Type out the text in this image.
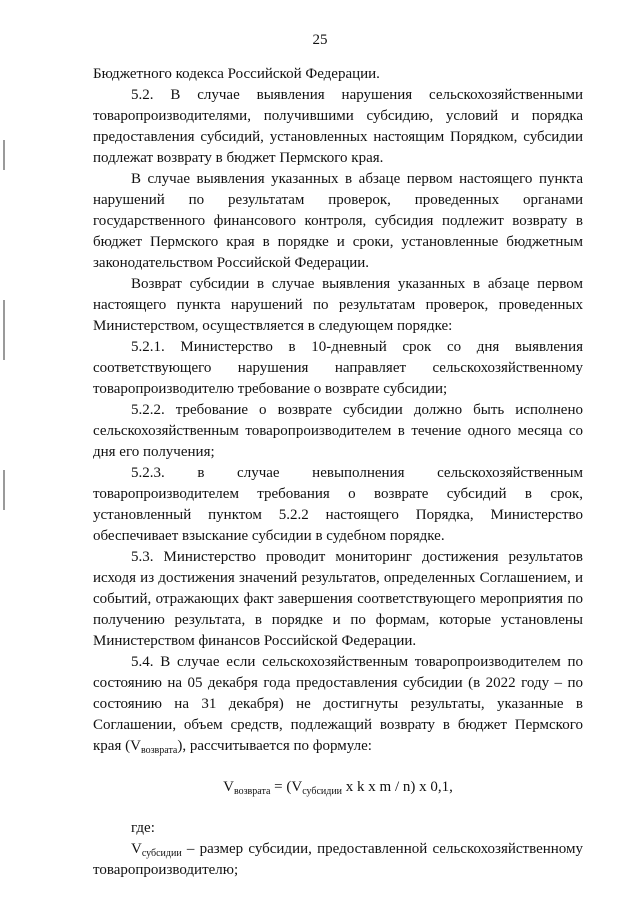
25

Бюджетного кодекса Российской Федерации.

5.2. В случае выявления нарушения сельскохозяйственными товаропроизводителями, получившими субсидию, условий и порядка предоставления субсидий, установленных настоящим Порядком, субсидии подлежат возврату в бюджет Пермского края.

В случае выявления указанных в абзаце первом настоящего пункта нарушений по результатам проверок, проведенных органами государственного финансового контроля, субсидия подлежит возврату в бюджет Пермского края в порядке и сроки, установленные бюджетным законодательством Российской Федерации.

Возврат субсидии в случае выявления указанных в абзаце первом настоящего пункта нарушений по результатам проверок, проведенных Министерством, осуществляется в следующем порядке:

5.2.1. Министерство в 10-дневный срок со дня выявления соответствующего нарушения направляет сельскохозяйственному товаропроизводителю требование о возврате субсидии;

5.2.2. требование о возврате субсидии должно быть исполнено сельскохозяйственным товаропроизводителем в течение одного месяца со дня его получения;

5.2.3. в случае невыполнения сельскохозяйственным товаропроизводителем требования о возврате субсидий в срок, установленный пунктом 5.2.2 настоящего Порядка, Министерство обеспечивает взыскание субсидии в судебном порядке.

5.3. Министерство проводит мониторинг достижения результатов исходя из достижения значений результатов, определенных Соглашением, и событий, отражающих факт завершения соответствующего мероприятия по получению результата, в порядке и по формам, которые установлены Министерством финансов Российской Федерации.

5.4. В случае если сельскохозяйственным товаропроизводителем по состоянию на 05 декабря года предоставления субсидии (в 2022 году – по состоянию на 31 декабря) не достигнуты результаты, указанные в Соглашении, объем средств, подлежащий возврату в бюджет Пермского края $(V_{возврата})$, рассчитывается по формуле:

$V_{возврата} = (V_{субсидии}$ x k x m / n) x 0,1,

где:

$V_{субсидии}$ – размер субсидии, предоставленной сельскохозяйственному товаропроизводителю;
